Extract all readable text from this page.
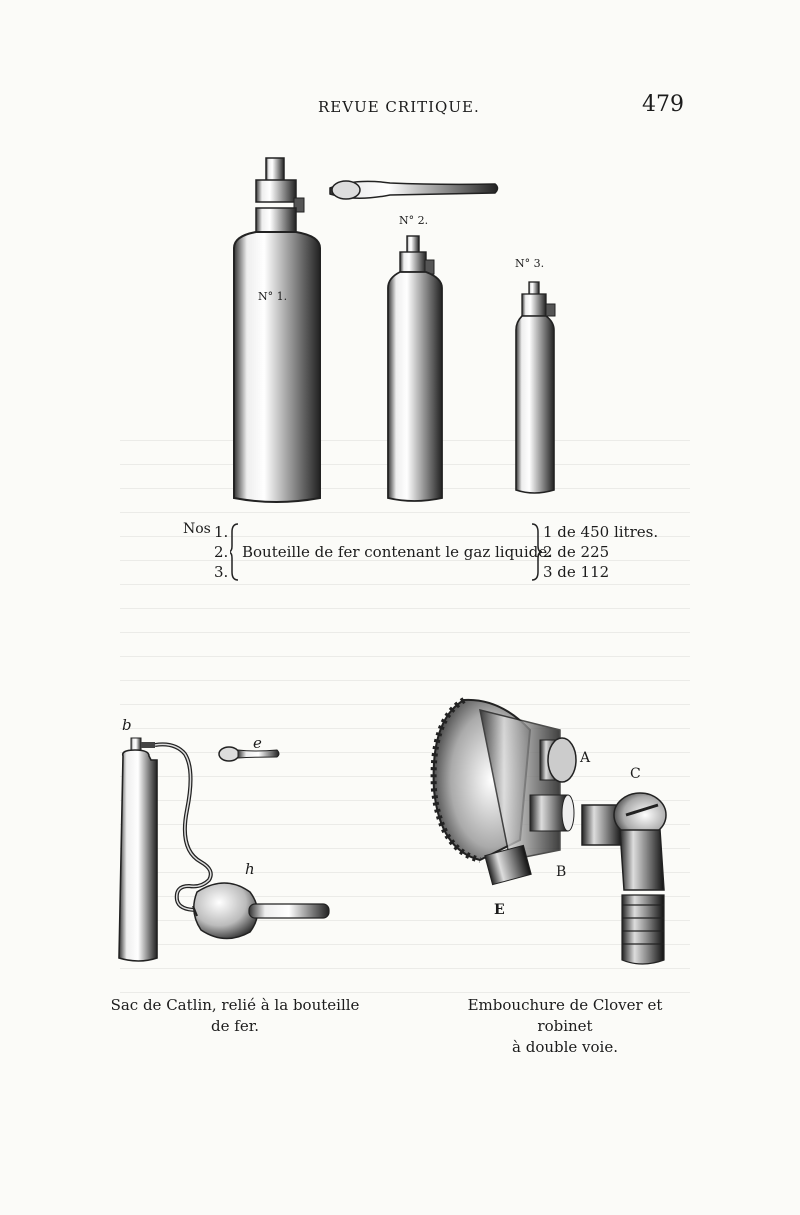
REVUE CRITIQUE.	479
N° 1.
N° 2.
N° 3.
Nos 1.
2.
3.
Bouteille de fer contenant le gaz liquide.
1 de 450 litres.
2 de 225
3 de 112
b
e
h
Sac de Catlin, relié à la bouteille
de fer.
A
B
C
E
Embouchure de Clover et robinet
à double voie.
